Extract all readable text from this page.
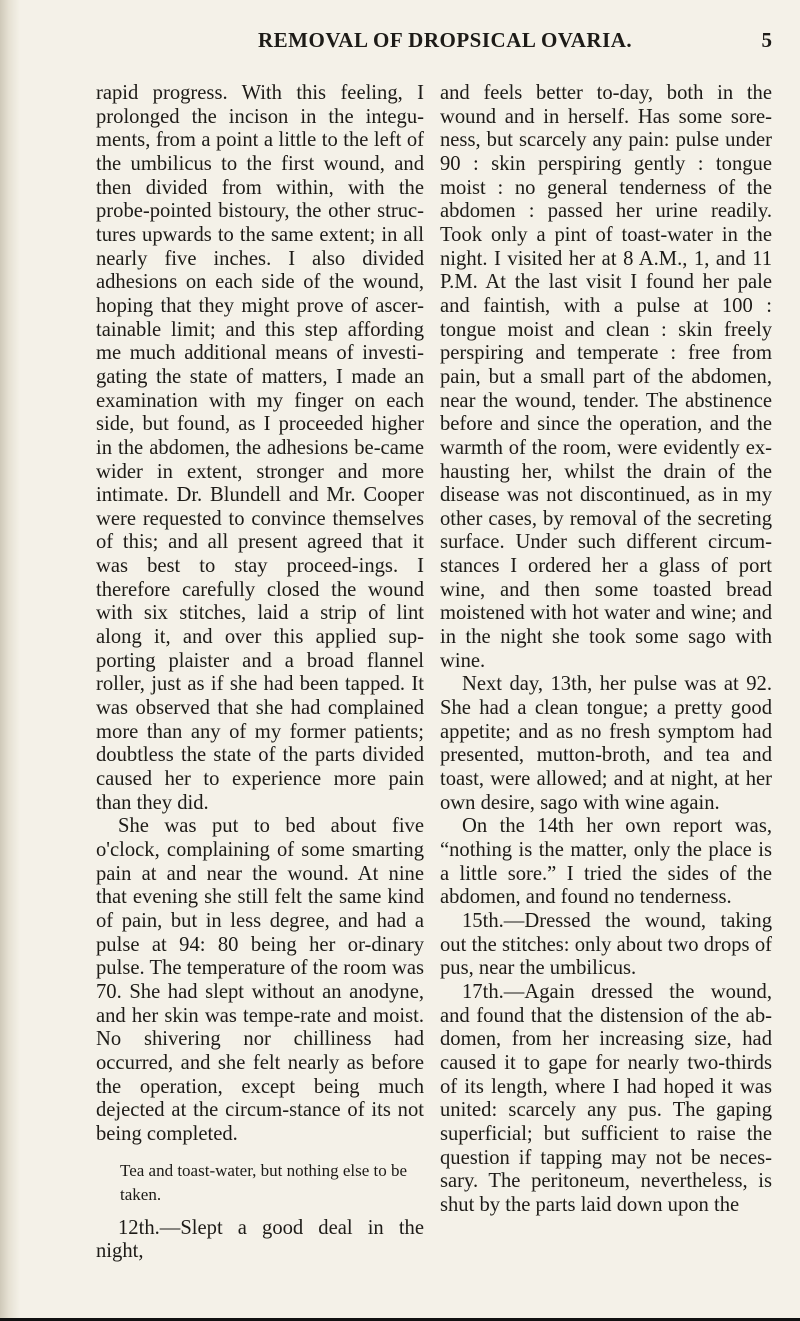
REMOVAL OF DROPSICAL OVARIA.	5

rapid progress. With this feeling, I prolonged the incison in the integu-ments, from a point a little to the left of the umbilicus to the first wound, and then divided from within, with the probe-pointed bistoury, the other struc-tures upwards to the same extent; in all nearly five inches. I also divided adhesions on each side of the wound, hoping that they might prove of ascer-tainable limit; and this step affording me much additional means of investi-gating the state of matters, I made an examination with my finger on each side, but found, as I proceeded higher in the abdomen, the adhesions be-came wider in extent, stronger and more intimate. Dr. Blundell and Mr. Cooper were requested to convince themselves of this; and all present agreed that it was best to stay proceed-ings. I therefore carefully closed the wound with six stitches, laid a strip of lint along it, and over this applied sup-porting plaister and a broad flannel roller, just as if she had been tapped. It was observed that she had complained more than any of my former patients; doubtless the state of the parts divided caused her to experience more pain than they did.

She was put to bed about five o'clock, complaining of some smarting pain at and near the wound. At nine that evening she still felt the same kind of pain, but in less degree, and had a pulse at 94: 80 being her or-dinary pulse. The temperature of the room was 70. She had slept without an anodyne, and her skin was tempe-rate and moist. No shivering nor chilliness had occurred, and she felt nearly as before the operation, except being much dejected at the circum-stance of its not being completed.

Tea and toast-water, but nothing else to be taken.

12th.—Slept a good deal in the night,

and feels better to-day, both in the wound and in herself. Has some sore-ness, but scarcely any pain: pulse under 90 : skin perspiring gently : tongue moist : no general tenderness of the abdomen : passed her urine readily. Took only a pint of toast-water in the night. I visited her at 8 A.M., 1, and 11 P.M. At the last visit I found her pale and faintish, with a pulse at 100 : tongue moist and clean : skin freely perspiring and temperate : free from pain, but a small part of the abdomen, near the wound, tender. The abstinence before and since the operation, and the warmth of the room, were evidently ex-hausting her, whilst the drain of the disease was not discontinued, as in my other cases, by removal of the secreting surface. Under such different circum-stances I ordered her a glass of port wine, and then some toasted bread moistened with hot water and wine; and in the night she took some sago with wine.

Next day, 13th, her pulse was at 92. She had a clean tongue; a pretty good appetite; and as no fresh symptom had presented, mutton-broth, and tea and toast, were allowed; and at night, at her own desire, sago with wine again.

On the 14th her own report was, “nothing is the matter, only the place is a little sore.” I tried the sides of the abdomen, and found no tenderness.

15th.—Dressed the wound, taking out the stitches: only about two drops of pus, near the umbilicus.

17th.—Again dressed the wound, and found that the distension of the ab-domen, from her increasing size, had caused it to gape for nearly two-thirds of its length, where I had hoped it was united: scarcely any pus. The gaping superficial; but sufficient to raise the question if tapping may not be neces-sary. The peritoneum, nevertheless, is shut by the parts laid down upon the
